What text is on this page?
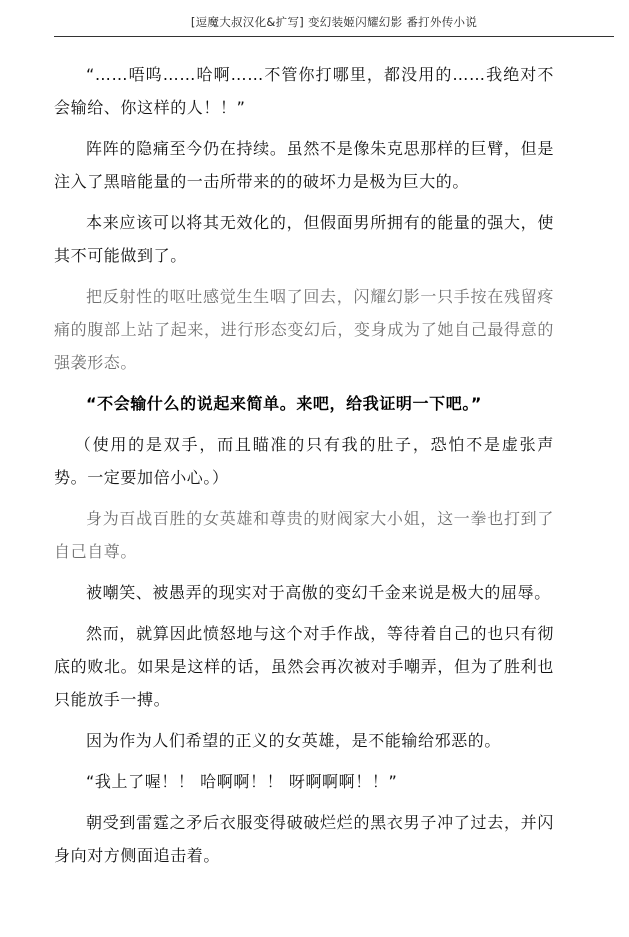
[逗魔大叔汉化&扩写] 变幻装姬闪耀幻影 番打外传小说

“……唔呜……哈啊……不管你打哪里，都没用的……我绝对不会输给、你这样的人！！”

阵阵的隐痛至今仍在持续。虽然不是像朱克思那样的巨臂，但是注入了黑暗能量的一击所带来的的破坏力是极为巨大的。

本来应该可以将其无效化的，但假面男所拥有的能量的强大，使其不可能做到了。

把反射性的呕吐感觉生生咽了回去，闪耀幻影一只手按在残留疼痛的腹部上站了起来，进行形态变幻后，变身成为了她自己最得意的强袭形态。

“不会输什么的说起来简单。来吧，给我证明一下吧。”

（使用的是双手，而且瞄准的只有我的肚子，恐怕不是虚张声势。一定要加倍小心。）

身为百战百胜的女英雄和尊贵的财阀家大小姐，这一拳也打到了自己自尊。

被嘲笑、被愚弄的现实对于高傲的变幻千金来说是极大的屈辱。

然而，就算因此愤怒地与这个对手作战，等待着自己的也只有彻底的败北。如果是这样的话，虽然会再次被对手嘲弄，但为了胜利也只能放手一搏。

因为作为人们希望的正义的女英雄，是不能输给邪恶的。

“我上了喔！！ 哈啊啊！！ 呀啊啊啊！！”

朝受到雷霆之矛后衣服变得破破烂烂的黑衣男子冲了过去，并闪身向对方侧面追击着。
